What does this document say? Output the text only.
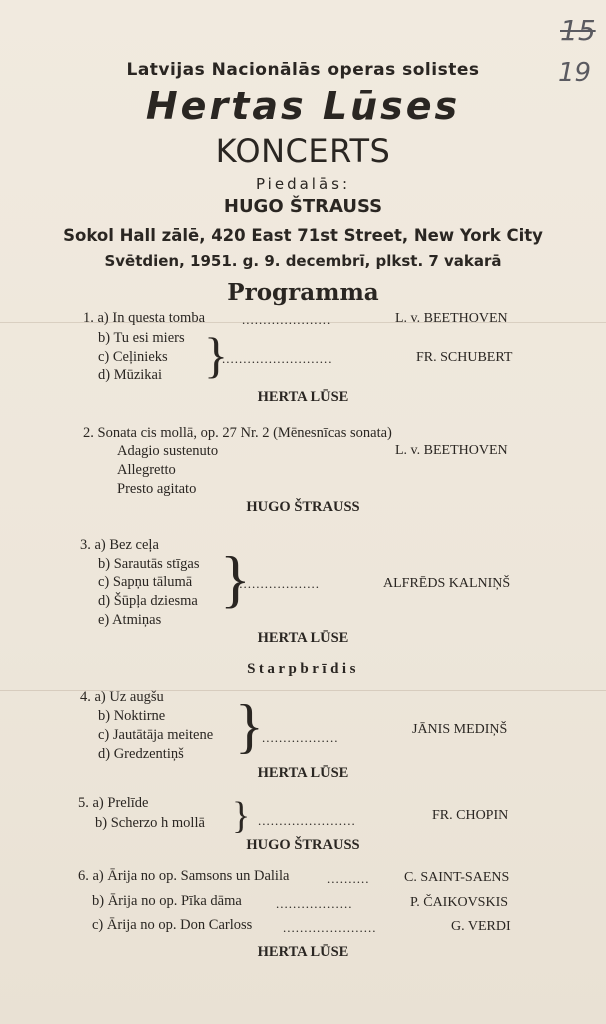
15
19
Latvijas Nacionālās operas solistes
Hertas Lūses
KONCERTS
Piedalās:
HUGO ŠTRAUSS
Sokol Hall zālē, 420 East 71st Street, New York City
Svētdien, 1951. g. 9. decembrī, plkst. 7 vakarā
Programma
1. a) In questa tomba	.....................	L. v. BEETHOVEN
b) Tu esi miers
c) Ceļinieks
d) Mūzikai }
..........................	FR. SCHUBERT
HERTA LŪSE
2. Sonata cis mollā, op. 27 Nr. 2 (Mēnesnīcas sonata)
Adagio sustenuto	L. v. BEETHOVEN
Allegretto
Presto agitato
HUGO ŠTRAUSS
3. a) Bez ceļa
b) Sarautās stīgas
c) Sapņu tālumā
d) Šūpļa dziesma
e) Atmiņas
}
....................	ALFRĒDS KALNIŅŠ
HERTA LŪSE
Starpbrīdis
4. a) Uz augšu
b) Noktirne
c) Jautātāja meitene
d) Gredzentiņš }
..................
JĀNIS MEDIŅŠ
HERTA LŪSE
5. a) Prelīde
b) Scherzo h mollā } .......................	FR. CHOPIN
HUGO ŠTRAUSS
6. a) Ārija no op. Samsons un Dalila	.......... C. SAINT-SAENS
b) Ārija no op. Pīka dāma	..................	P. ČAIKOVSKIS
c) Ārija no op. Don Carloss ......................	G. VERDI
HERTA LŪSE
